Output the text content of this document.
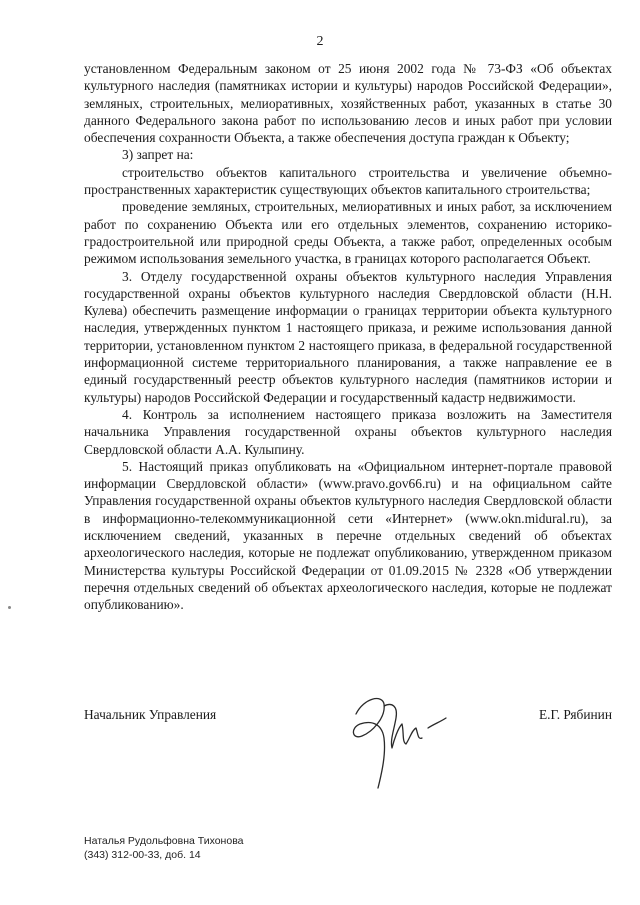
2

установленном Федеральным законом от 25 июня 2002 года № 73-ФЗ «Об объектах культурного наследия (памятниках истории и культуры) народов Российской Федерации», земляных, строительных, мелиоративных, хозяйственных работ, указанных в статье 30 данного Федерального закона работ по использованию лесов и иных работ при условии обеспечения сохранности Объекта, а также обеспечения доступа граждан к Объекту;

3) запрет на:

строительство объектов капитального строительства и увеличение объемно-пространственных характеристик существующих объектов капитального строительства;

проведение земляных, строительных, мелиоративных и иных работ, за исключением работ по сохранению Объекта или его отдельных элементов, сохранению историко-градостроительной или природной среды Объекта, а также работ, определенных особым режимом использования земельного участка, в границах которого располагается Объект.

3. Отделу государственной охраны объектов культурного наследия Управления государственной охраны объектов культурного наследия Свердловской области (Н.Н. Кулева) обеспечить размещение информации о границах территории объекта культурного наследия, утвержденных пунктом 1 настоящего приказа, и режиме использования данной территории, установленном пунктом 2 настоящего приказа, в федеральной государственной информационной системе территориального планирования, а также направление ее в единый государственный реестр объектов культурного наследия (памятников истории и культуры) народов Российской Федерации и государственный кадастр недвижимости.

4. Контроль за исполнением настоящего приказа возложить на Заместителя начальника Управления государственной охраны объектов культурного наследия Свердловской области А.А. Кулыпину.

5. Настоящий приказ опубликовать на «Официальном интернет-портале правовой информации Свердловской области» (www.pravo.gov66.ru) и на официальном сайте Управления государственной охраны объектов культурного наследия Свердловской области в информационно-телекоммуникационной сети «Интернет» (www.okn.midural.ru), за исключением сведений, указанных в перечне отдельных сведений об объектах археологического наследия, которые не подлежат опубликованию, утвержденном приказом Министерства культуры Российской Федерации от 01.09.2015 № 2328 «Об утверждении перечня отдельных сведений об объектах археологического наследия, которые не подлежат опубликованию».

Начальник Управления	Е.Г. Рябинин
Наталья Рудольфовна Тихонова
(343) 312-00-33, доб. 14
